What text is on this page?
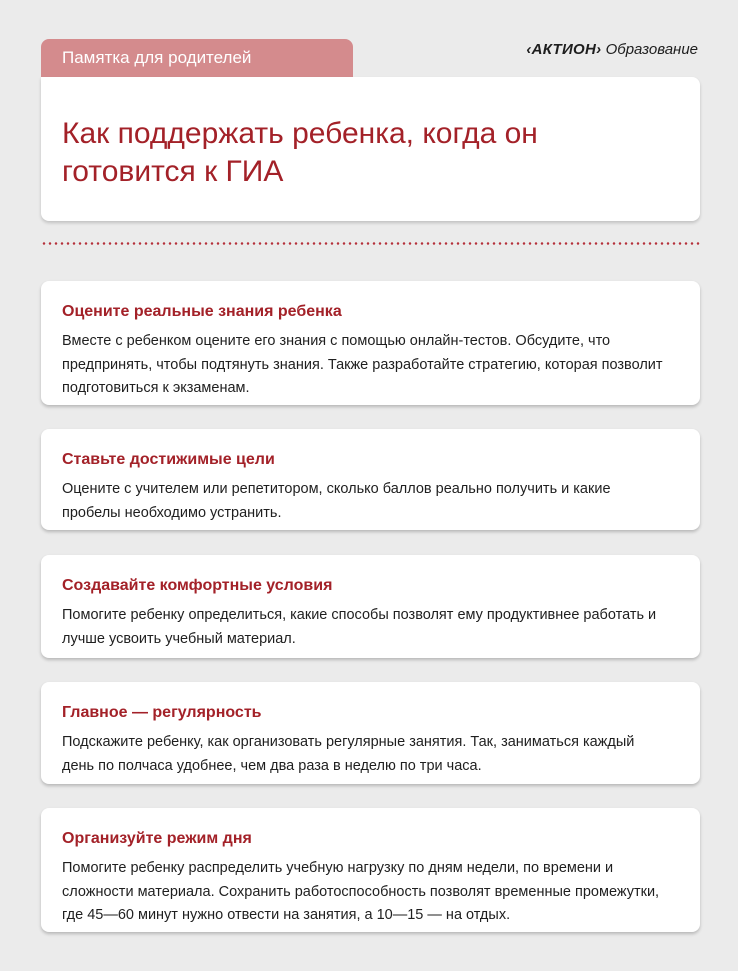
Памятка для родителей	‹АКТИОН› Образование
Как поддержать ребенка, когда он готовится к ГИА
Оцените реальные знания ребенка

Вместе с ребенком оцените его знания с помощью онлайн-тестов. Обсудите, что предпринять, чтобы подтянуть знания. Также разработайте стратегию, которая позволит подготовиться к экзаменам.

Ставьте достижимые цели

Оцените с учителем или репетитором, сколько баллов реально получить и какие пробелы необходимо устранить.

Создавайте комфортные условия

Помогите ребенку определиться, какие способы позволят ему продуктивнее работать и лучше усвоить учебный материал.

Главное — регулярность

Подскажите ребенку, как организовать регулярные занятия. Так, заниматься каждый день по полчаса удобнее, чем два раза в неделю по три часа.

Организуйте режим дня

Помогите ребенку распределить учебную нагрузку по дням недели, по времени и сложности материала. Сохранить работоспособность позволят временные промежутки, где 45—60 минут нужно отвести на занятия, а 10—15 — на отдых.
